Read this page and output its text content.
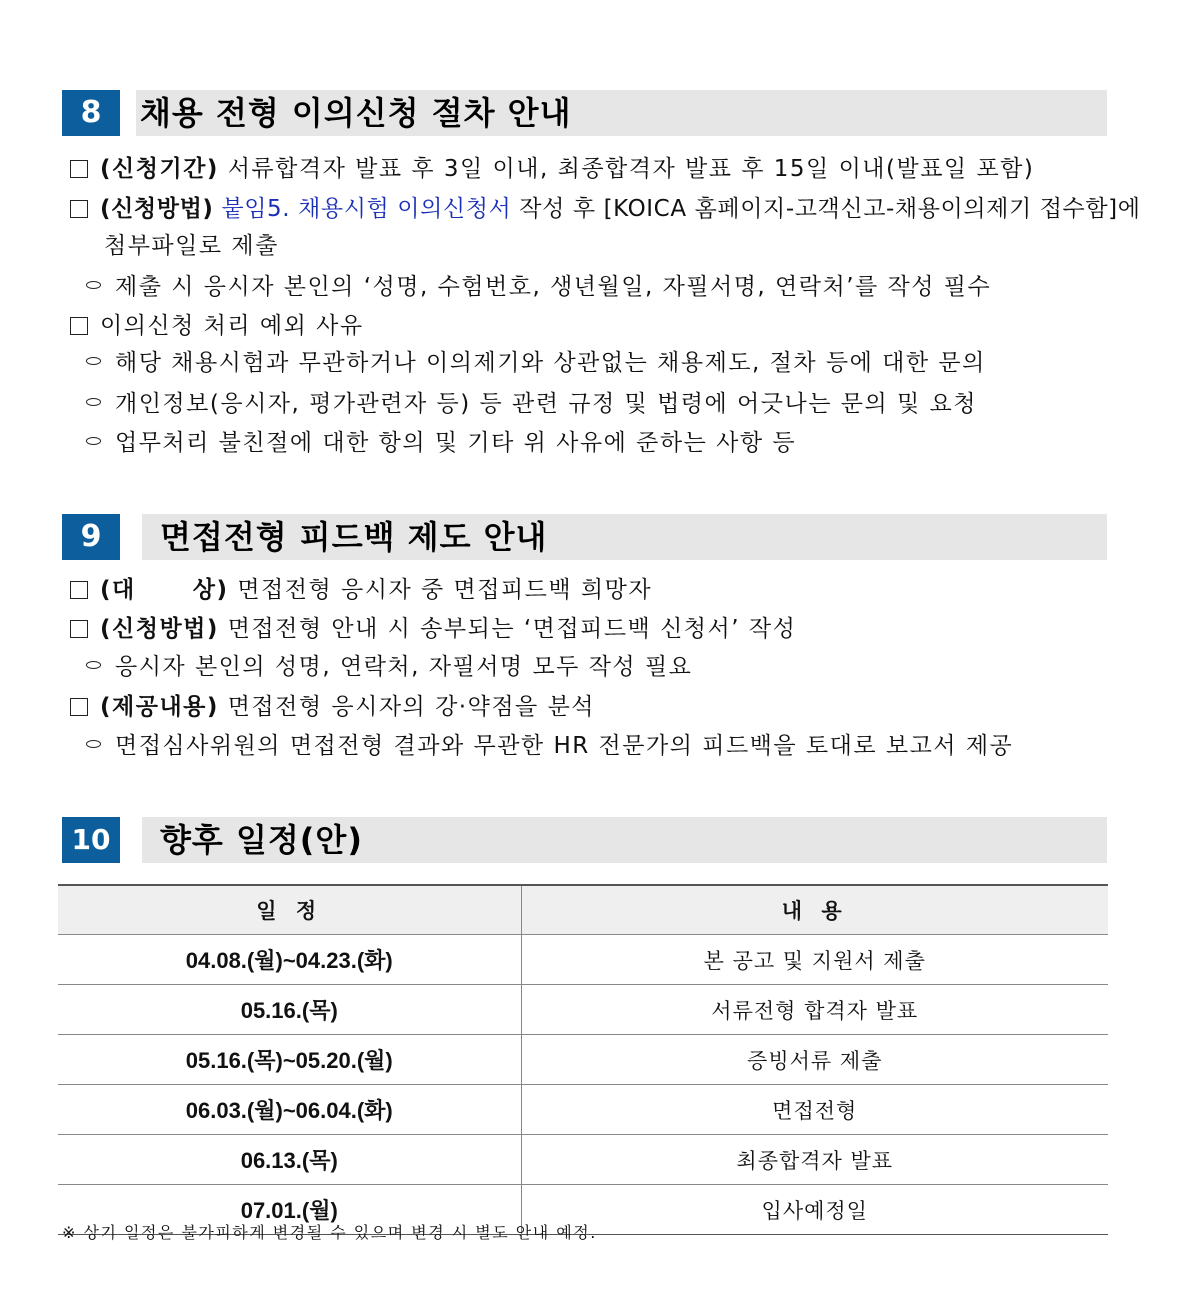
8	채용 전형 이의신청 절차 안내
(신청기간) 서류합격자 발표 후 3일 이내, 최종합격자 발표 후 15일 이내(발표일 포함)
(신청방법) 붙임5. 채용시험 이의신청서 작성 후 [KOICA 홈페이지-고객신고-채용이의제기 접수함]에
첨부파일로 제출
제출 시 응시자 본인의 ‘성명, 수험번호, 생년월일, 자필서명, 연락처’를 작성 필수
이의신청 처리 예외 사유
해당 채용시험과 무관하거나 이의제기와 상관없는 채용제도, 절차 등에 대한 문의
개인정보(응시자, 평가관련자 등) 등 관련 규정 및 법령에 어긋나는 문의 및 요청
업무처리 불친절에 대한 항의 및 기타 위 사유에 준하는 사항 등
9	면접전형 피드백 제도 안내
(대      상) 면접전형 응시자 중 면접피드백 희망자
(신청방법) 면접전형 안내 시 송부되는 ‘면접피드백 신청서’ 작성
응시자 본인의 성명, 연락처, 자필서명 모두 작성 필요
(제공내용) 면접전형 응시자의 강·약점을 분석
면접심사위원의 면접전형 결과와 무관한 HR 전문가의 피드백을 토대로 보고서 제공
10 향후 일정(안)
일 정	내 용
04.08.(월)~04.23.(화)	본 공고 및 지원서 제출
05.16.(목)	서류전형 합격자 발표
05.16.(목)~05.20.(월)	증빙서류 제출
06.03.(월)~06.04.(화)	면접전형
06.13.(목)	최종합격자 발표
07.01.(월)	입사예정일
※ 상기 일정은 불가피하게 변경될 수 있으며 변경 시 별도 안내 예정.
